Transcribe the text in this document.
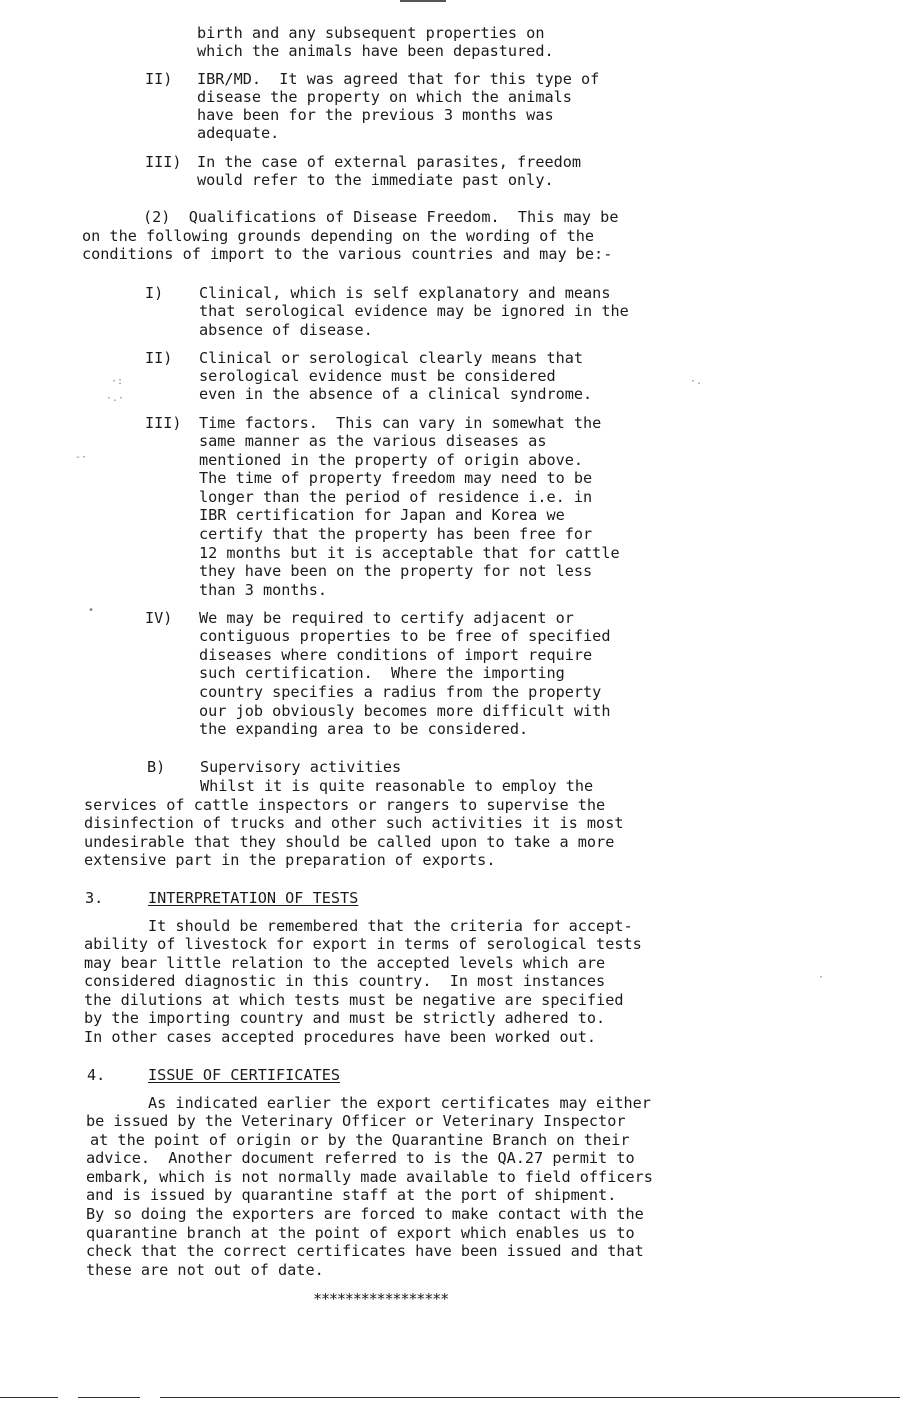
birth and any subsequent properties on
which the animals have been depastured.
II) IBR/MD.  It was agreed that for this type of
disease the property on which the animals
have been for the previous 3 months was
adequate.
III) In the case of external parasites, freedom
would refer to the immediate past only.
(2)  Qualifications of Disease Freedom.  This may be
on the following grounds depending on the wording of the
conditions of import to the various countries and may be:-
I) Clinical, which is self explanatory and means
that serological evidence may be ignored in the
absence of disease.
II) Clinical or serological clearly means that
serological evidence must be considered
even in the absence of a clinical syndrome.
III) Time factors.  This can vary in somewhat the
same manner as the various diseases as
mentioned in the property of origin above.
The time of property freedom may need to be
longer than the period of residence i.e. in
IBR certification for Japan and Korea we
certify that the property has been free for
12 months but it is acceptable that for cattle
they have been on the property for not less
than 3 months.
IV) We may be required to certify adjacent or
contiguous properties to be free of specified
diseases where conditions of import require
such certification.  Where the importing
country specifies a radius from the property
our job obviously becomes more difficult with
the expanding area to be considered.
B) Supervisory activities
Whilst it is quite reasonable to employ the
services of cattle inspectors or rangers to supervise the
disinfection of trucks and other such activities it is most
undesirable that they should be called upon to take a more
extensive part in the preparation of exports.
3.	INTERPRETATION OF TESTS
It should be remembered that the criteria for accept-
ability of livestock for export in terms of serological tests
may bear little relation to the accepted levels which are
considered diagnostic in this country.  In most instances
the dilutions at which tests must be negative are specified
by the importing country and must be strictly adhered to.
In other cases accepted procedures have been worked out.
4.	ISSUE OF CERTIFICATES
As indicated earlier the export certificates may either
be issued by the Veterinary Officer or Veterinary Inspector
at the point of origin or by the Quarantine Branch on their
advice.  Another document referred to is the QA.27 permit to
embark, which is not normally made available to field officers
and is issued by quarantine staff at the port of shipment.
By so doing the exporters are forced to make contact with the
quarantine branch at the point of export which enables us to
check that the correct certificates have been issued and that
these are not out of date.
*****************
·:
·.·
-·
•
·.
·
